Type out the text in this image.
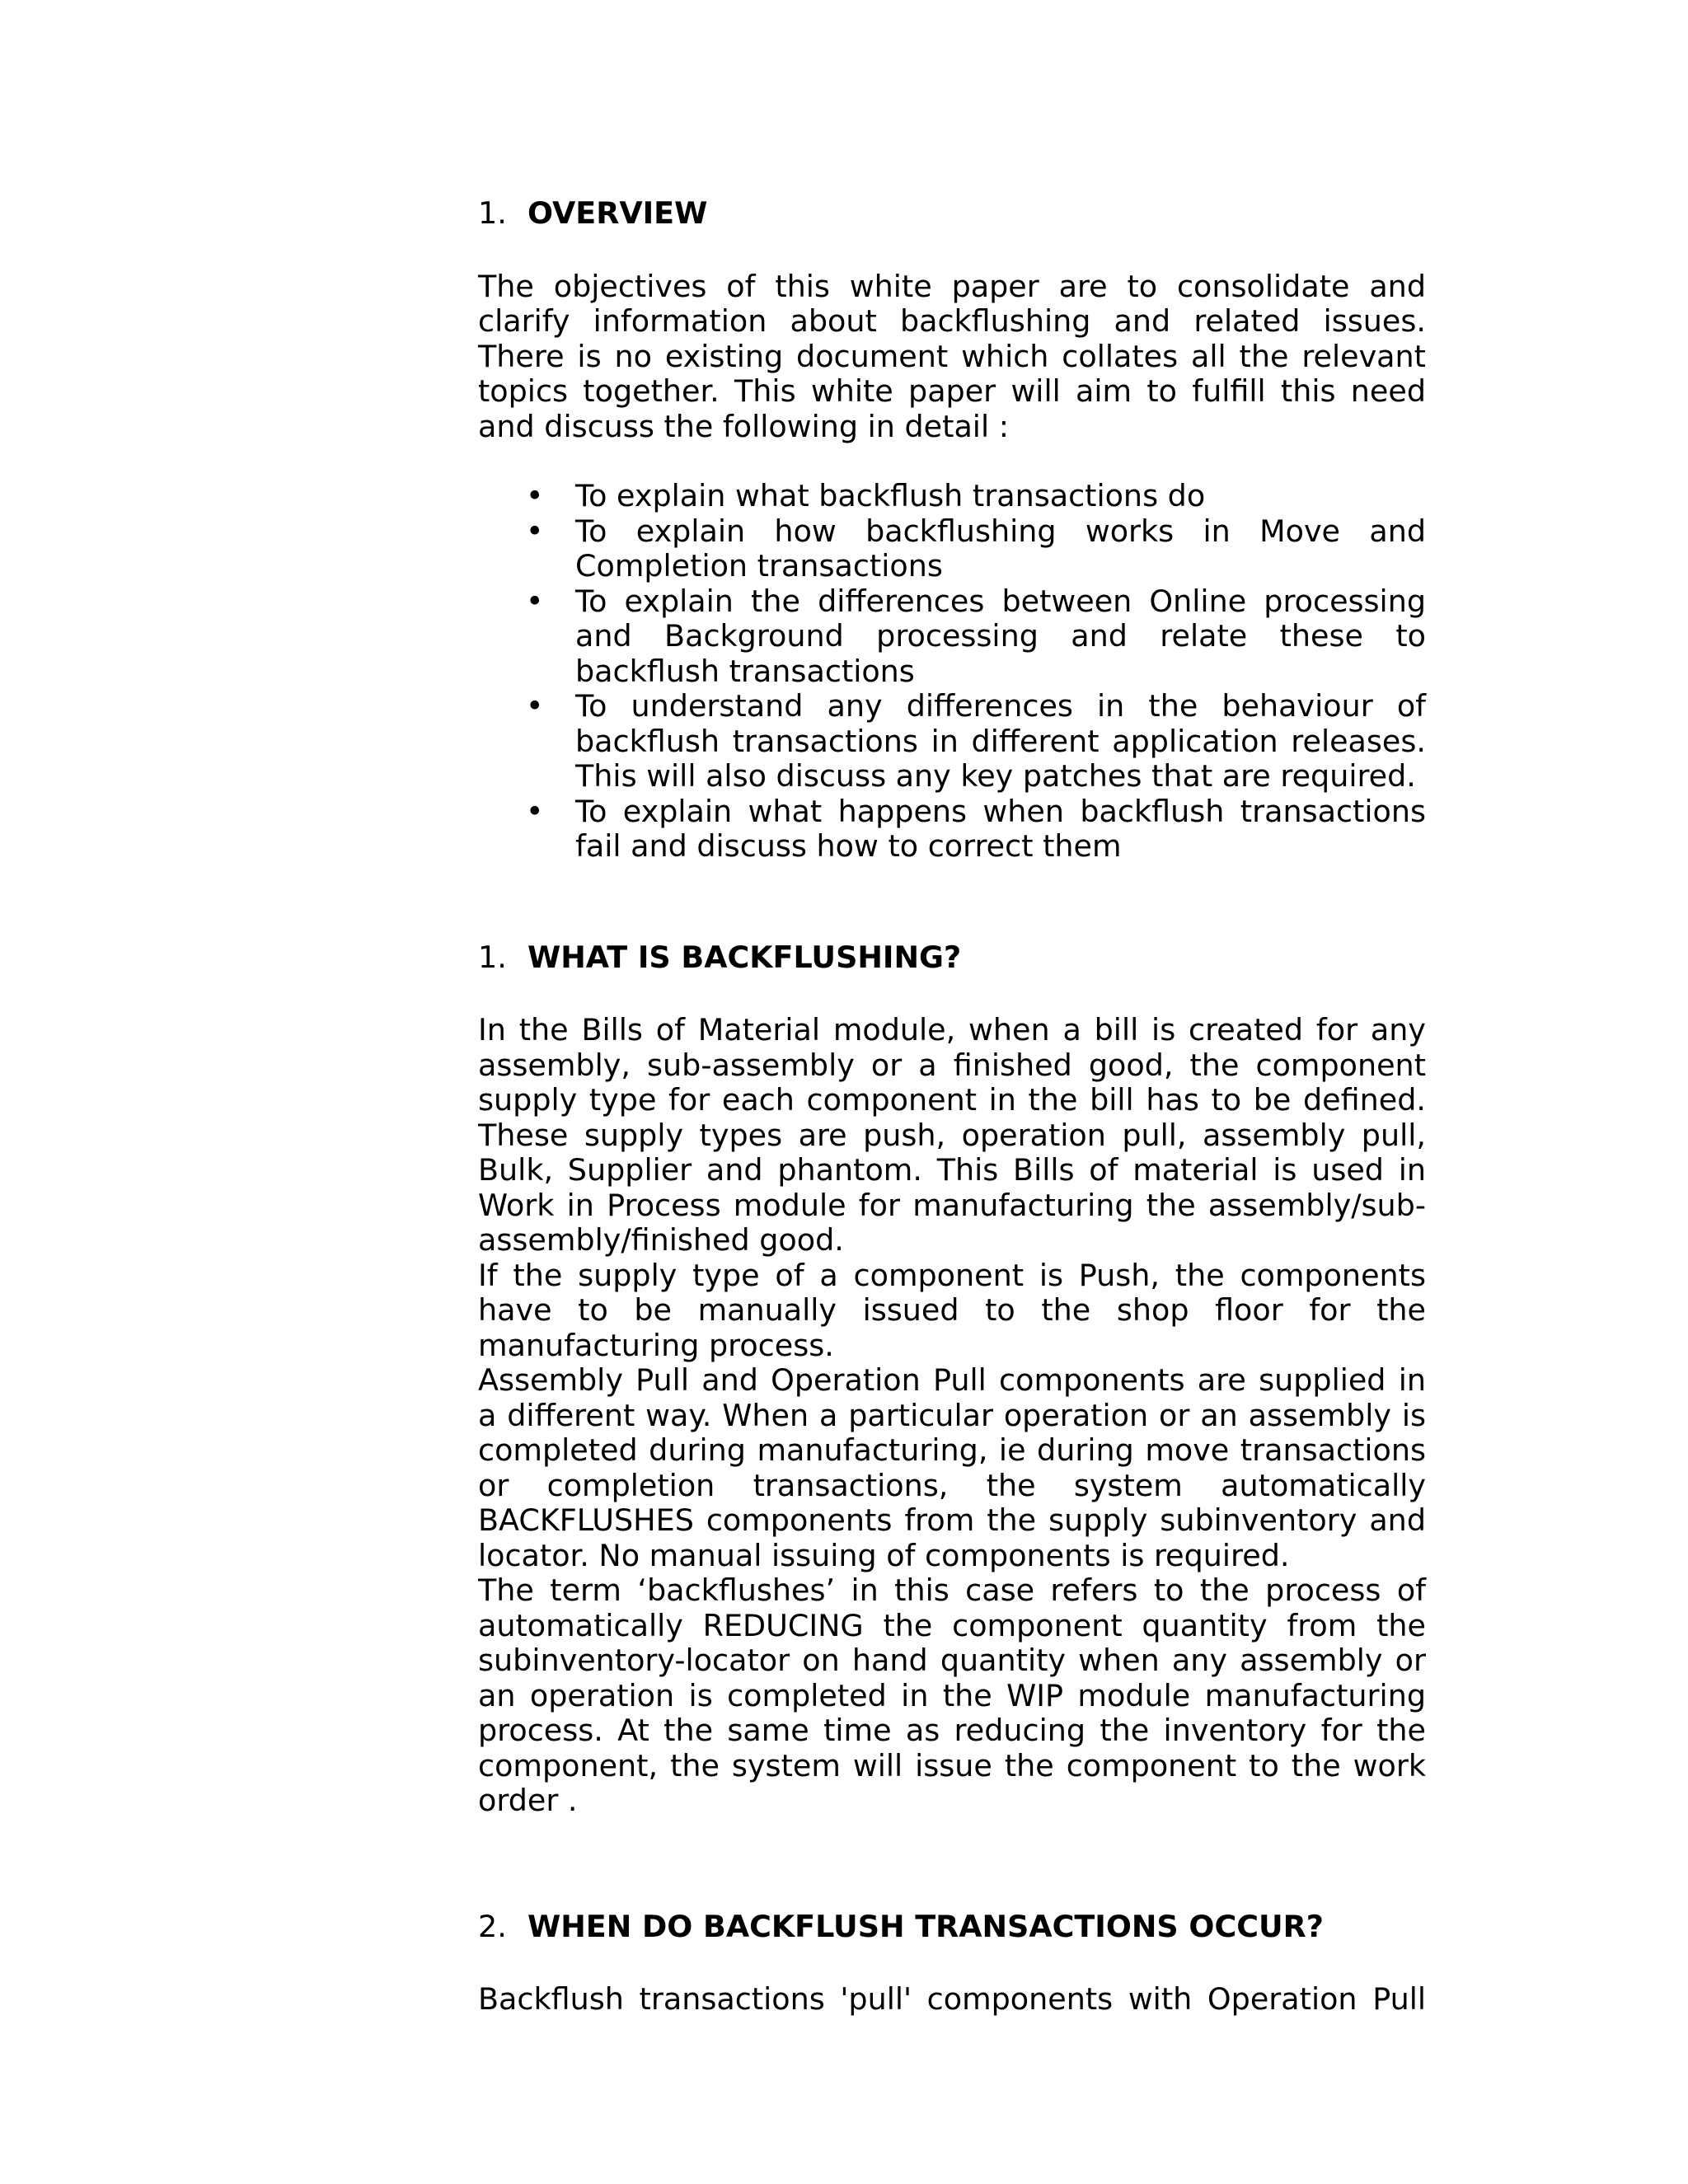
1. OVERVIEW

The objectives of this white paper are to consolidate and clarify information about backflushing and related issues. There is no existing document which collates all the relevant topics together. This white paper will aim to fulfill this need and discuss the following in detail :

• To explain what backflush transactions do
• To explain how backflushing works in Move and Completion transactions
• To explain the differences between Online processing and Background processing and relate these to backflush transactions
• To understand any differences in the behaviour of backflush transactions in different application releases. This will also discuss any key patches that are required.
• To explain what happens when backflush transactions fail and discuss how to correct them
1. WHAT IS BACKFLUSHING?

In the Bills of Material module, when a bill is created for any assembly, sub-assembly or a finished good, the component supply type for each component in the bill has to be defined. These supply types are push, operation pull, assembly pull, Bulk, Supplier and phantom. This Bills of material is used in Work in Process module for manufacturing the assembly/sub-assembly/finished good.

If the supply type of a component is Push, the components have to be manually issued to the shop floor for the manufacturing process.

Assembly Pull and Operation Pull components are supplied in a different way. When a particular operation or an assembly is completed during manufacturing, ie during move transactions or completion transactions, the system automatically BACKFLUSHES components from the supply subinventory and locator. No manual issuing of components is required.

The term ‘backflushes’ in this case refers to the process of automatically REDUCING the component quantity from the subinventory-locator on hand quantity when any assembly or an operation is completed in the WIP module manufacturing process. At the same time as reducing the inventory for the component, the system will issue the component to the work order .

2. WHEN DO BACKFLUSH TRANSACTIONS OCCUR?

Backflush transactions 'pull' components with Operation Pull
